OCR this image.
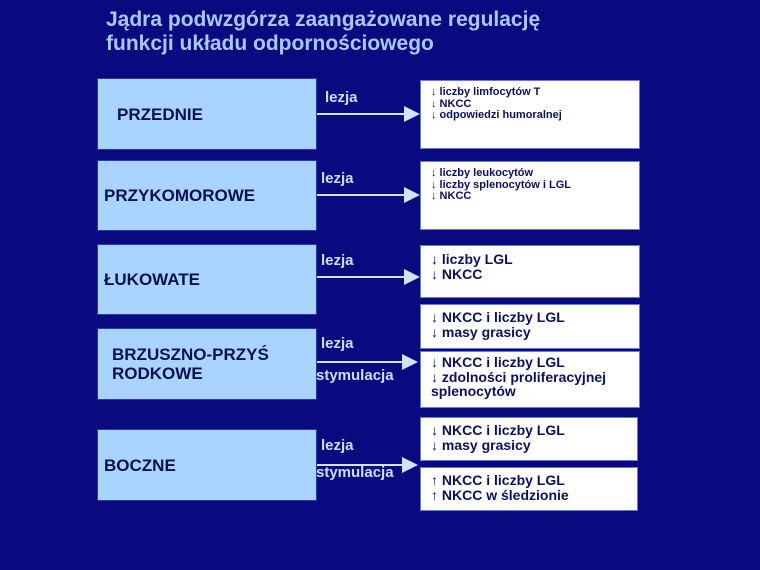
Jądra podwzgórza zaangażowane regulację
funkcji układu odpornościowego
PRZEDNIE
PRZYKOMOROWE
ŁUKOWATE
BRZUSZNO-PRZYŚ
RODKOWE
BOCZNE
lezja
lezja
lezja
lezja
stymulacja
lezja
stymulacja
↓ liczby limfocytów T
↓ NKCC
↓ odpowiedzi humoralnej
↓ liczby leukocytów
↓ liczby splenocytów i LGL
↓ NKCC
↓ liczby LGL
↓ NKCC
↓ NKCC i liczby LGL
↓ masy grasicy
↓ NKCC i liczby LGL
↓ zdolności proliferacyjnej
splenocytów
↓ NKCC i liczby LGL
↓ masy grasicy
↑ NKCC i liczby LGL
↑ NKCC w śledzionie
